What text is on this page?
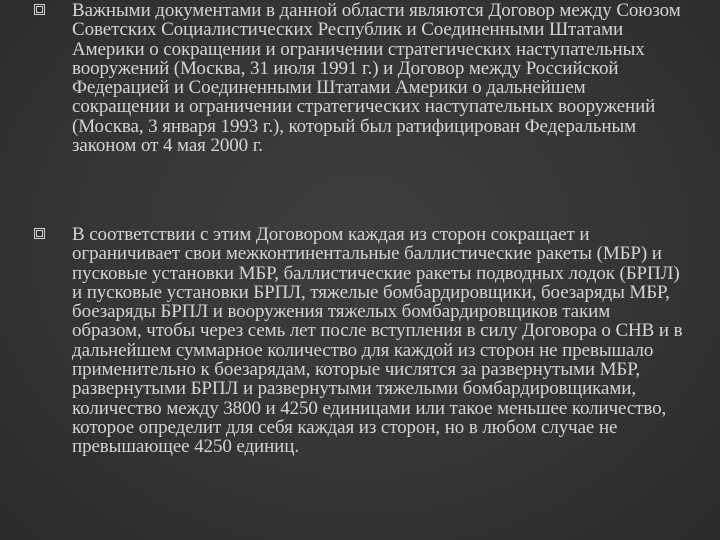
Важными документами в данной области являются Договор между Союзом Советских Социалистических Республик и Соединенными Штатами Америки о сокращении и ограничении стратегических наступательных вооружений (Москва, 31 июля 1991 г.) и Договор между Российской Федерацией и Соединенными Штатами Америки о дальнейшем сокращении и ограничении стратегических наступательных вооружений (Москва, 3 января 1993 г.), который был ратифицирован Федеральным законом от 4 мая 2000 г.
В соответствии с этим Договором каждая из сторон сокращает и ограничивает свои межконтинентальные баллистические ракеты (МБР) и пусковые установки МБР, баллистические ракеты подводных лодок (БРПЛ) и пусковые установки БРПЛ, тяжелые бомбардировщики, боезаряды МБР, боезаряды БРПЛ и вооружения тяжелых бомбардировщиков таким образом, чтобы через семь лет после вступления в силу Договора о СНВ и в дальнейшем суммарное количество для каждой из сторон не превышало применительно к боезарядам, которые числятся за развернутыми МБР, развернутыми БРПЛ и развернутыми тяжелыми бомбардировщиками, количество между 3800 и 4250 единицами или такое меньшее количество, которое определит для себя каждая из сторон, но в любом случае не превышающее 4250 единиц.
